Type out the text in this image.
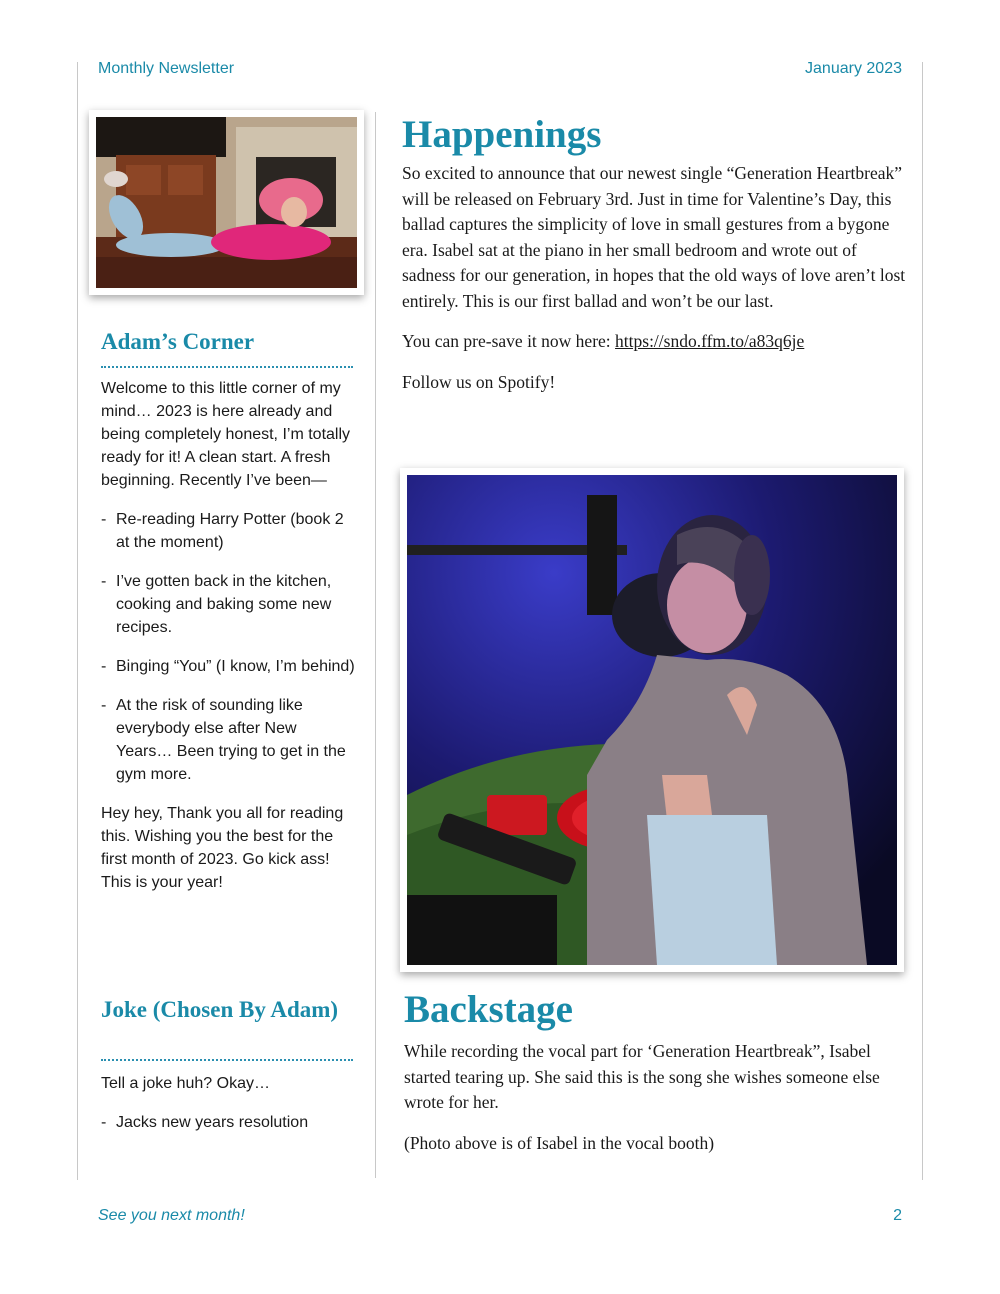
Monthly Newsletter	January 2023
See you next month!	2
Adam’s Corner

Welcome to this little corner of my mind… 2023 is here already and being completely honest, I’m totally ready for it! A clean start. A fresh beginning. Recently I’ve been—

- Re-reading Harry Potter (book 2 at the moment)
- I’ve gotten back in the kitchen, cooking and baking some new recipes.
- Binging “You” (I know, I’m behind)
- At the risk of sounding like everybody else after New Years… Been trying to get in the gym more.

Hey hey, Thank you all for reading this. Wishing you the best for the first month of 2023. Go kick ass! This is your year!

Joke (Chosen By Adam)

Tell a joke huh? Okay…

- Jacks new years resolution
Happenings

So excited to announce that our newest single “Generation Heartbreak” will be released on February 3rd. Just in time for Valentine’s Day, this ballad captures the simplicity of love in small gestures from a bygone era. Isabel sat at the piano in her small bedroom and wrote out of sadness for our generation, in hopes that the old ways of love aren’t lost entirely. This is our first ballad and won’t be our last.

You can pre-save it now here: https://sndo.ffm.to/a83q6je

Follow us on Spotify!

Backstage

While recording the vocal part for ‘Generation Heartbreak”, Isabel started tearing up. She said this is the song she wishes someone else wrote for her.

(Photo above is of Isabel in the vocal booth)
